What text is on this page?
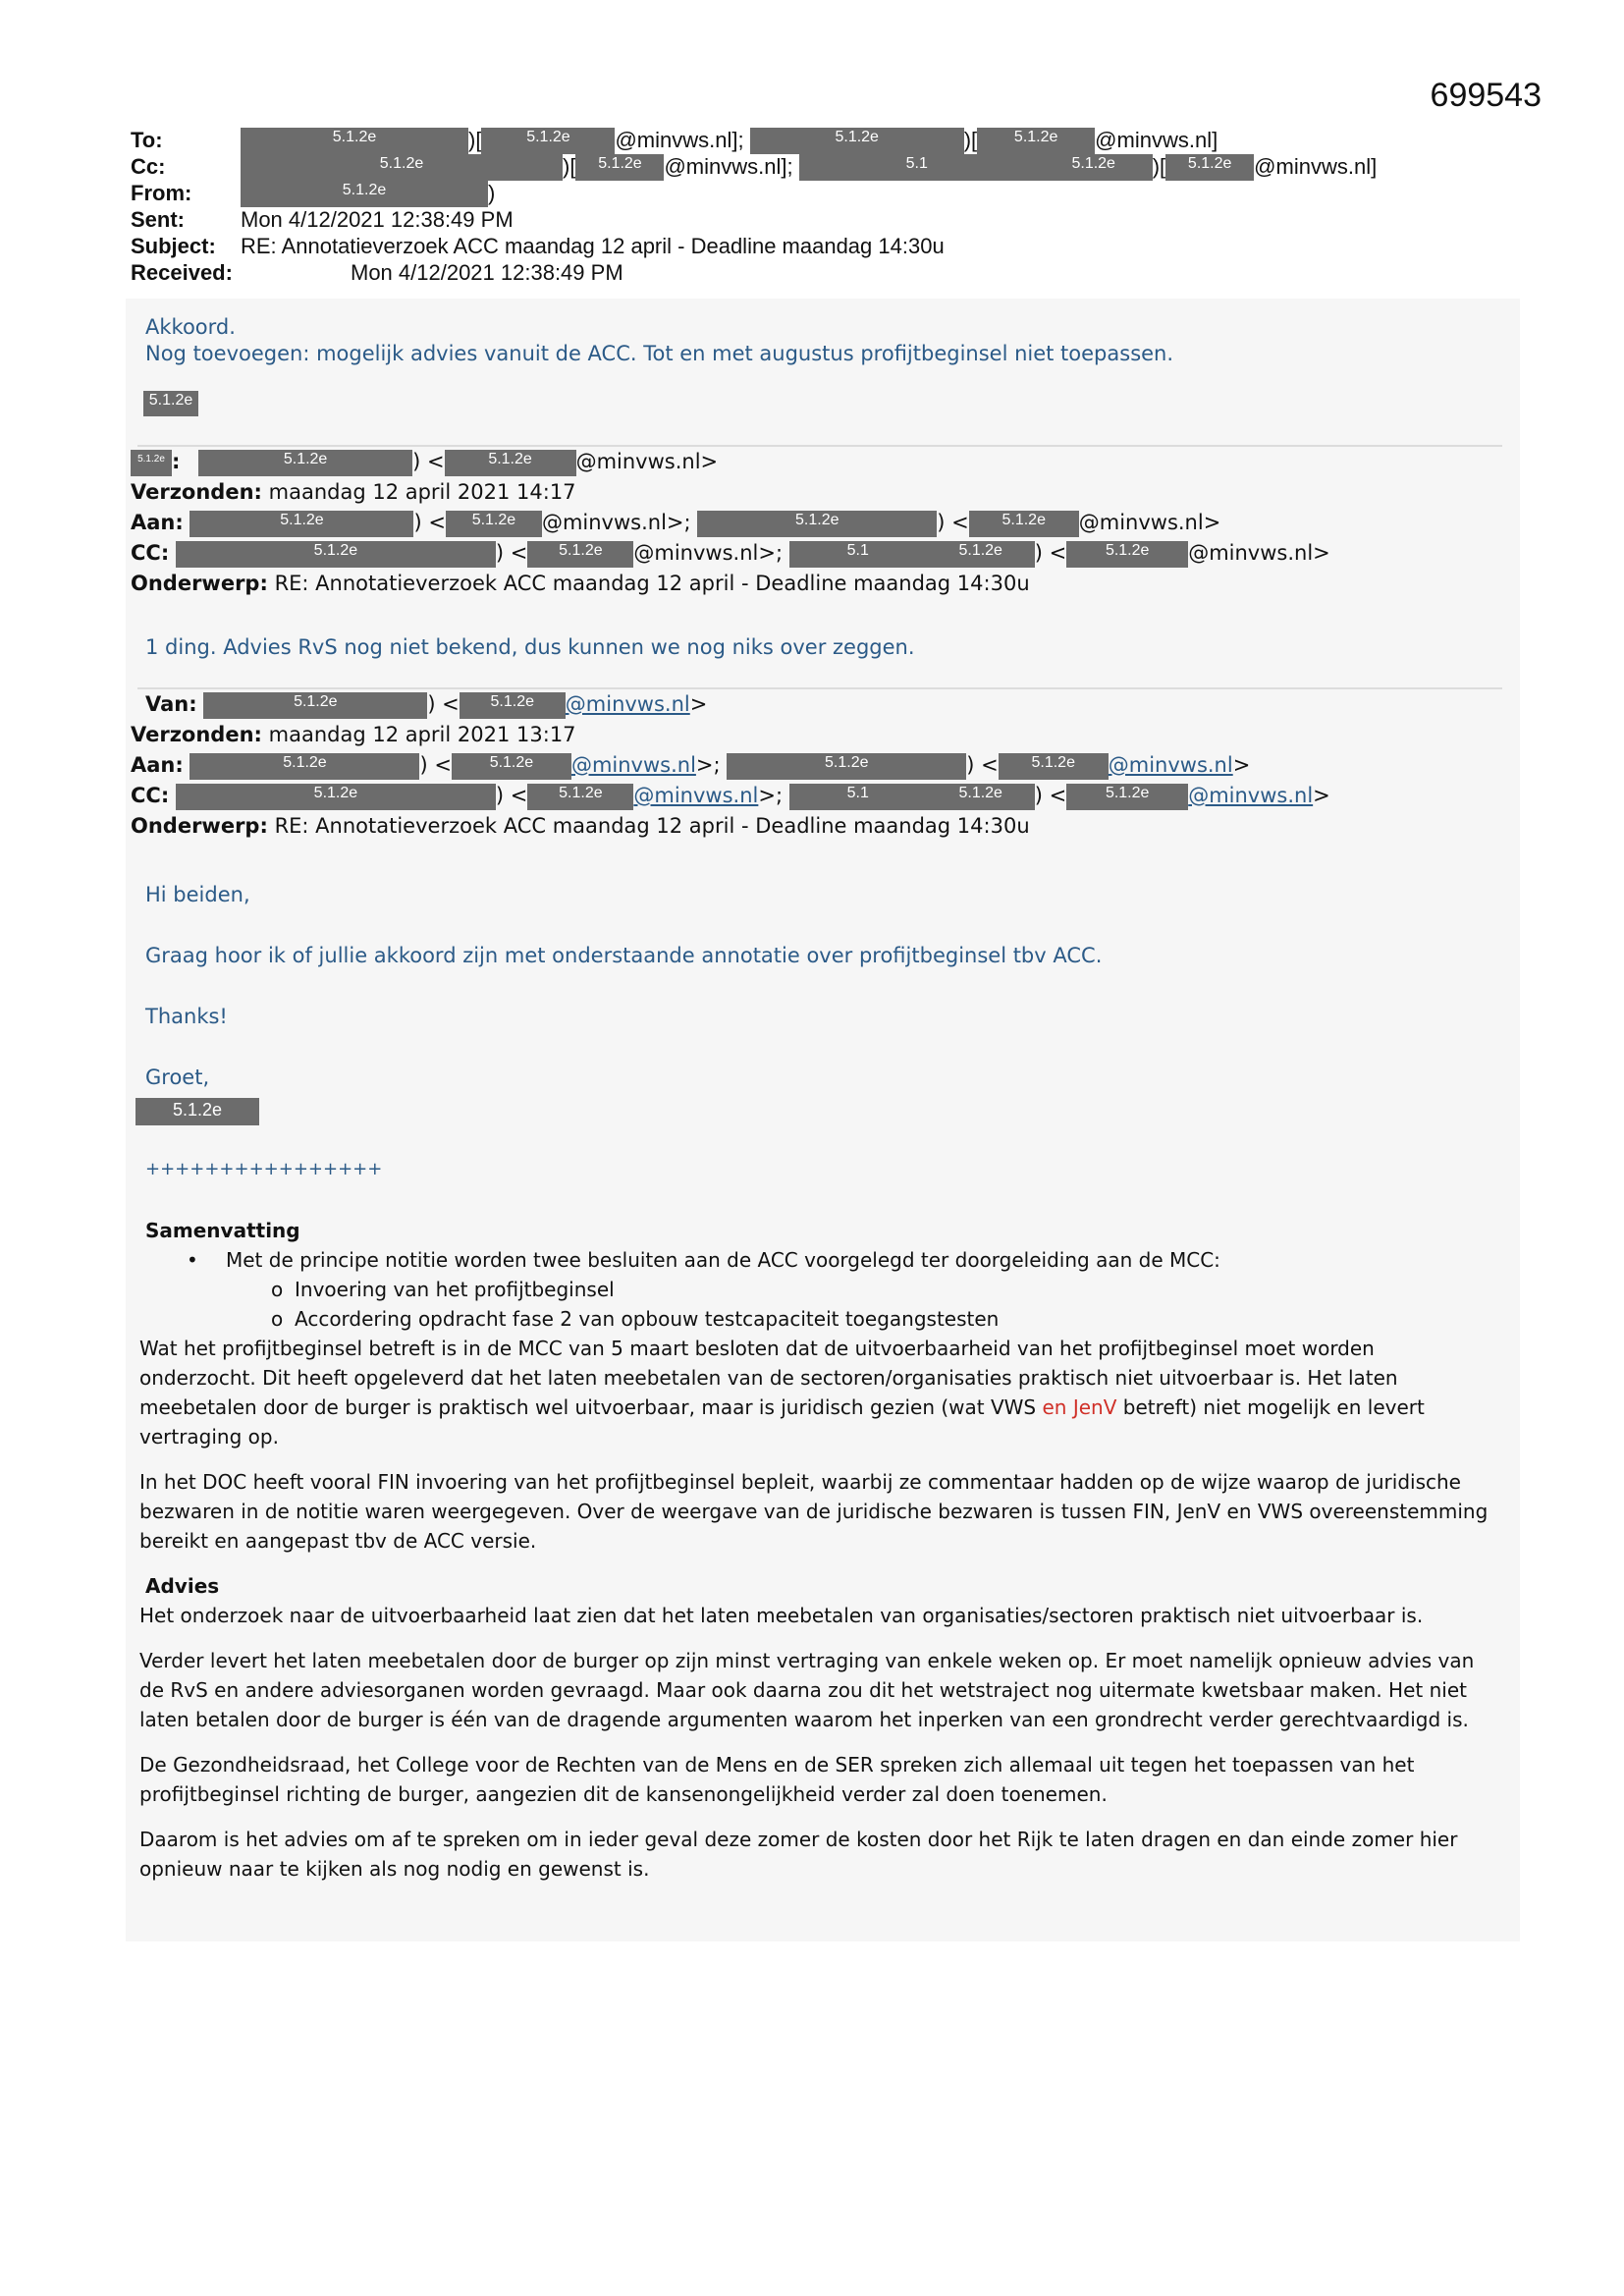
699543
To:	5.1.2e	)[	5.1.2e @minvws.nl];	5.1.2e	)[ 5.1.2e @minvws.nl]
Cc:	5.1.2e	)[ 5.1.2e @minvws.nl];	5.1	5.1.2e )[ 5.1.2e @minvws.nl]
From:	5.1.2e	)
Sent:	Mon 4/12/2021 12:38:49 PM
Subject: RE: Annotatieverzoek ACC maandag 12 april - Deadline maandag 14:30u
Received:	Mon 4/12/2021 12:38:49 PM
Akkoord.
Nog toevoegen: mogelijk advies vanuit de ACC. Tot en met augustus profijtbeginsel niet toepassen.
5.1.2e
5.1.2e :	5.1.2e	) <	5.1.2e @minvws.nl>
Verzonden: maandag 12 april 2021 14:17
Aan:	5.1.2e	) < 5.1.2e @minvws.nl>;	5.1.2e	) < 5.1.2e @minvws.nl>
CC:	5.1.2e	) < 5.1.2e @minvws.nl>;	5.1	5.1.2e ) < 5.1.2e @minvws.nl>
Onderwerp: RE: Annotatieverzoek ACC maandag 12 april - Deadline maandag 14:30u
1 ding. Advies RvS nog niet bekend, dus kunnen we nog niks over zeggen.
Van:	5.1.2e	) < 5.1.2e @minvws.nl>
Verzonden: maandag 12 april 2021 13:17
Aan:	5.1.2e	) < 5.1.2e @minvws.nl>;	5.1.2e	) < 5.1.2e @minvws.nl>
CC:	5.1.2e	) < 5.1.2e @minvws.nl>;	5.1	5.1.2e ) < 5.1.2e @minvws.nl>
Onderwerp: RE: Annotatieverzoek ACC maandag 12 april - Deadline maandag 14:30u
Hi beiden,
Graag hoor ik of jullie akkoord zijn met onderstaande annotatie over profijtbeginsel tbv ACC.
Thanks!
Groet,
5.1.2e
++++++++++++++++
Samenvatting
• Met de principe notitie worden twee besluiten aan de ACC voorgelegd ter doorgeleiding aan de MCC:
o Invoering van het profijtbeginsel
o Accordering opdracht fase 2 van opbouw testcapaciteit toegangstesten
Wat het profijtbeginsel betreft is in de MCC van 5 maart besloten dat de uitvoerbaarheid van het profijtbeginsel moet worden onderzocht. Dit heeft opgeleverd dat het laten meebetalen van de sectoren/organisaties praktisch niet uitvoerbaar is. Het laten meebetalen door de burger is praktisch wel uitvoerbaar, maar is juridisch gezien (wat VWS en JenV betreft) niet mogelijk en levert vertraging op.
In het DOC heeft vooral FIN invoering van het profijtbeginsel bepleit, waarbij ze commentaar hadden op de wijze waarop de juridische bezwaren in de notitie waren weergegeven. Over de weergave van de juridische bezwaren is tussen FIN, JenV en VWS overeenstemming bereikt en aangepast tbv de ACC versie.
Advies
Het onderzoek naar de uitvoerbaarheid laat zien dat het laten meebetalen van organisaties/sectoren praktisch niet uitvoerbaar is.
Verder levert het laten meebetalen door de burger op zijn minst vertraging van enkele weken op. Er moet namelijk opnieuw advies van de RvS en andere adviesorganen worden gevraagd. Maar ook daarna zou dit het wetstraject nog uitermate kwetsbaar maken. Het niet laten betalen door de burger is één van de dragende argumenten waarom het inperken van een grondrecht verder gerechtvaardigd is.
De Gezondheidsraad, het College voor de Rechten van de Mens en de SER spreken zich allemaal uit tegen het toepassen van het profijtbeginsel richting de burger, aangezien dit de kansenongelijkheid verder zal doen toenemen.
Daarom is het advies om af te spreken om in ieder geval deze zomer de kosten door het Rijk te laten dragen en dan einde zomer hier opnieuw naar te kijken als nog nodig en gewenst is.
